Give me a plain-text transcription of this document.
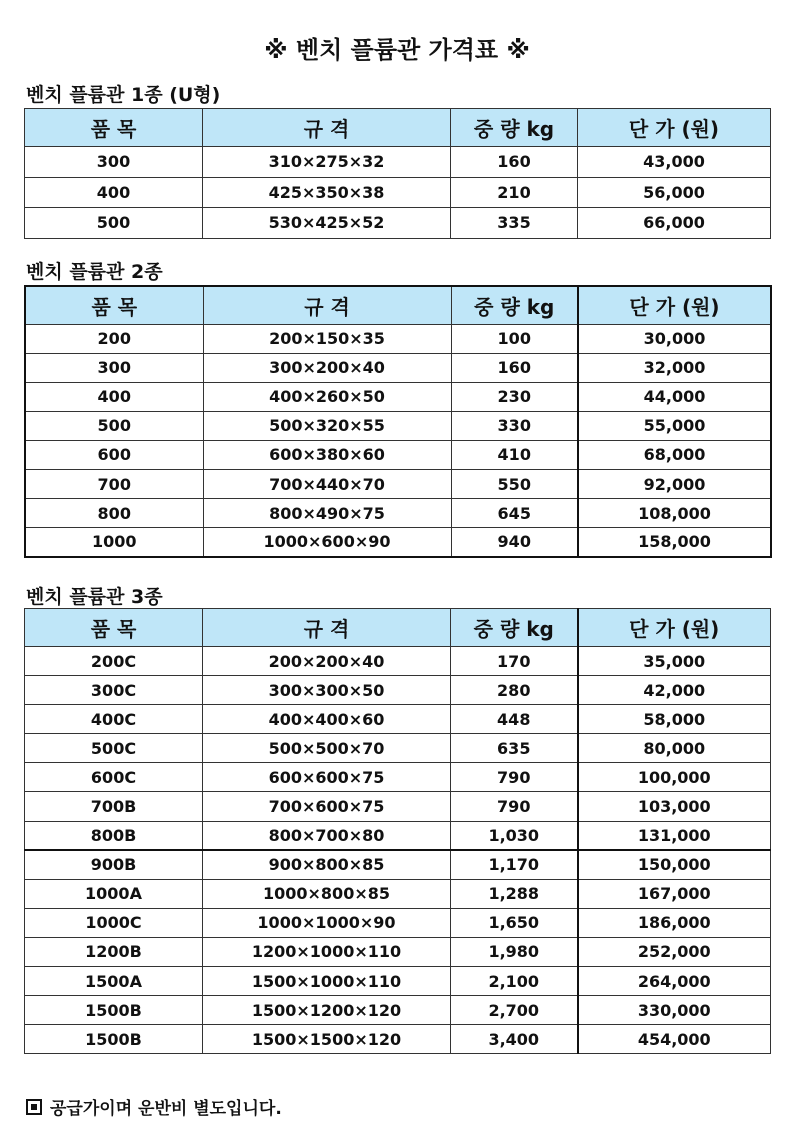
※ 벤치 플륨관 가격표 ※
벤치 플륨관 1종 (U형)
품 목	규 격	중 량 kg	단 가 (원)
300	310×275×32	160	43,000
400	425×350×38	210	56,000
500	530×425×52	335	66,000
벤치 플륨관 2종
품 목	규 격	중 량 kg	단 가 (원)
200	200×150×35	100	30,000
300	300×200×40	160	32,000
400	400×260×50	230	44,000
500	500×320×55	330	55,000
600	600×380×60	410	68,000
700	700×440×70	550	92,000
800	800×490×75	645	108,000
1000	1000×600×90	940	158,000
벤치 플륨관 3종
품 목	규 격	중 량 kg	단 가 (원)
200C	200×200×40	170	35,000
300C	300×300×50	280	42,000
400C	400×400×60	448	58,000
500C	500×500×70	635	80,000
600C	600×600×75	790	100,000
700B	700×600×75	790	103,000
800B	800×700×80	1,030	131,000
900B	900×800×85	1,170	150,000
1000A	1000×800×85	1,288	167,000
1000C	1000×1000×90	1,650	186,000
1200B	1200×1000×110	1,980	252,000
1500A	1500×1000×110	2,100	264,000
1500B	1500×1200×120	2,700	330,000
1500B	1500×1500×120	3,400	454,000
공급가이며 운반비 별도입니다.
